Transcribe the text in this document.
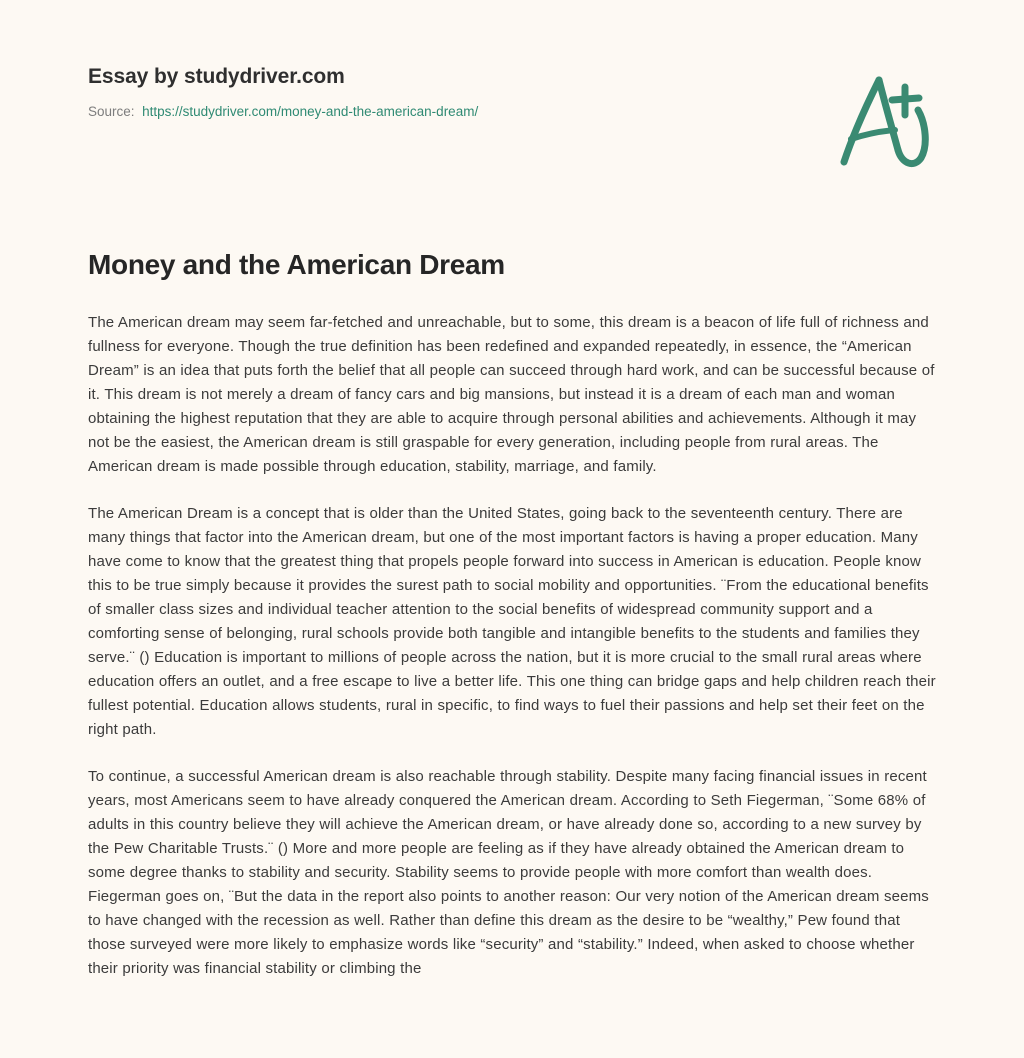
Essay by studydriver.com
Source: https://studydriver.com/money-and-the-american-dream/
Money and the American Dream

The American dream may seem far-fetched and unreachable, but to some, this dream is a beacon of life full of richness and fullness for everyone. Though the true definition has been redefined and expanded repeatedly, in essence, the “American Dream” is an idea that puts forth the belief that all people can succeed through hard work, and can be successful because of it. This dream is not merely a dream of fancy cars and big mansions, but instead it is a dream of each man and woman obtaining the highest reputation that they are able to acquire through personal abilities and achievements. Although it may not be the easiest, the American dream is still graspable for every generation, including people from rural areas. The American dream is made possible through education, stability, marriage, and family.

The American Dream is a concept that is older than the United States, going back to the seventeenth century. There are many things that factor into the American dream, but one of the most important factors is having a proper education. Many have come to know that the greatest thing that propels people forward into success in American is education. People know this to be true simply because it provides the surest path to social mobility and opportunities. ¨From the educational benefits of smaller class sizes and individual teacher attention to the social benefits of widespread community support and a comforting sense of belonging, rural schools provide both tangible and intangible benefits to the students and families they serve.¨ () Education is important to millions of people across the nation, but it is more crucial to the small rural areas where education offers an outlet, and a free escape to live a better life. This one thing can bridge gaps and help children reach their fullest potential. Education allows students, rural in specific, to find ways to fuel their passions and help set their feet on the right path.

To continue, a successful American dream is also reachable through stability. Despite many facing financial issues in recent years, most Americans seem to have already conquered the American dream. According to Seth Fiegerman, ¨Some 68% of adults in this country believe they will achieve the American dream, or have already done so, according to a new survey by the Pew Charitable Trusts.¨ () More and more people are feeling as if they have already obtained the American dream to some degree thanks to stability and security. Stability seems to provide people with more comfort than wealth does. Fiegerman goes on, ¨But the data in the report also points to another reason: Our very notion of the American dream seems to have changed with the recession as well. Rather than define this dream as the desire to be “wealthy,” Pew found that those surveyed were more likely to emphasize words like “security” and “stability.” Indeed, when asked to choose whether their priority was financial stability or climbing the
